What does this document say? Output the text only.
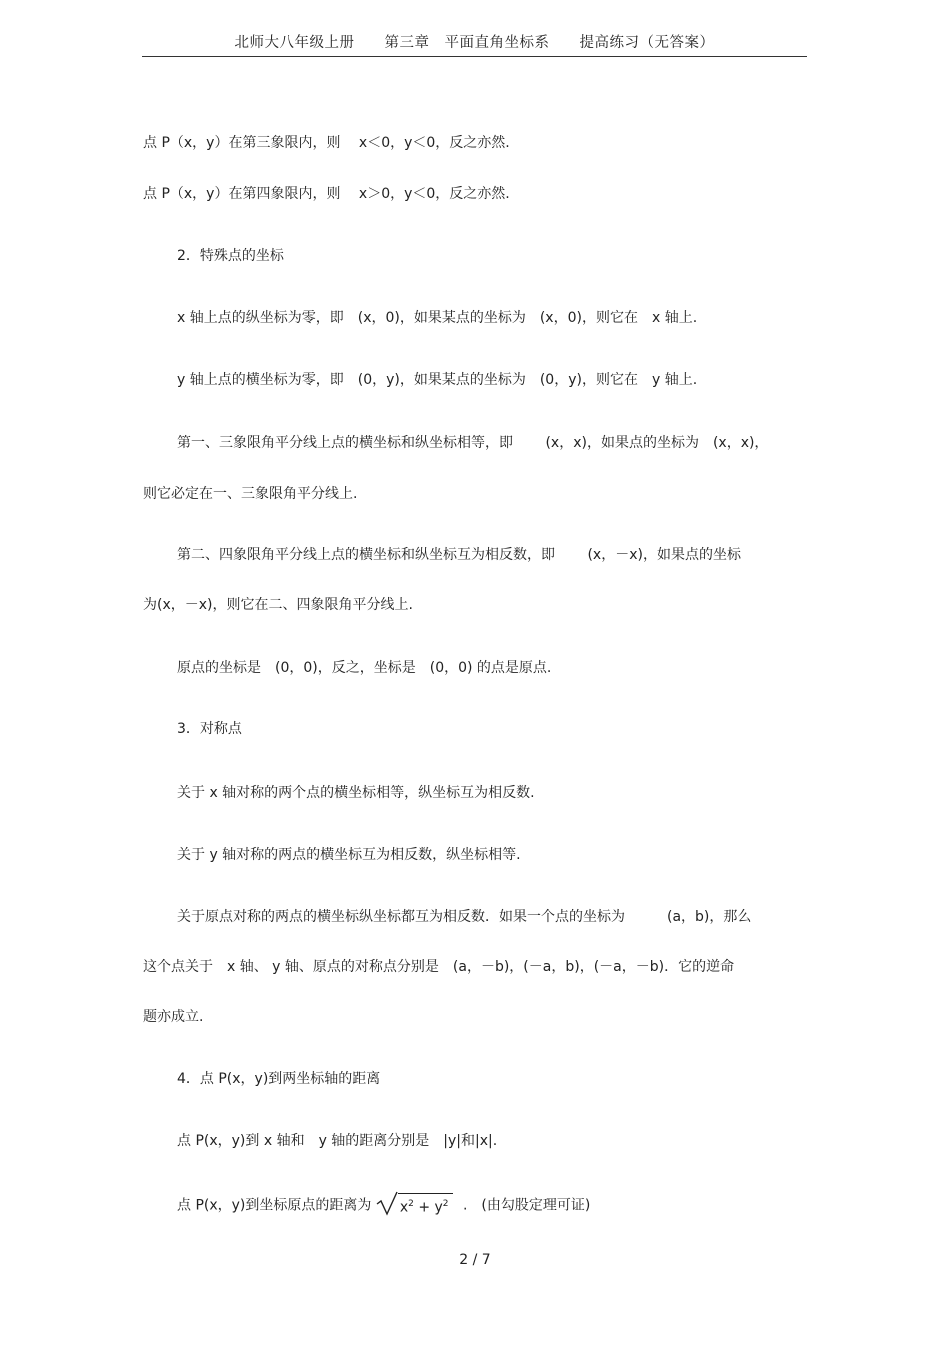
北师大八年级上册　　第三章　平面直角坐标系　　提高练习（无答案）
点 P（x，y）在第三象限内，则　 x＜0，y＜0，反之亦然.
点 P（x，y）在第四象限内，则　 x＞0，y＜0，反之亦然.
2．特殊点的坐标
x 轴上点的纵坐标为零，即　(x，0)，如果某点的坐标为　(x，0)，则它在　x 轴上.
y 轴上点的横坐标为零，即　(0，y)，如果某点的坐标为　(0，y)，则它在　y 轴上.
第一、三象限角平分线上点的横坐标和纵坐标相等，即　　 (x，x)，如果点的坐标为　(x，x)，
则它必定在一、三象限角平分线上.
第二、四象限角平分线上点的横坐标和纵坐标互为相反数，即　　 (x，－x)，如果点的坐标
为(x，－x)，则它在二、四象限角平分线上.
原点的坐标是　(0，0)，反之，坐标是　(0，0) 的点是原点.
3．对称点
关于 x 轴对称的两个点的横坐标相等，纵坐标互为相反数.
关于 y 轴对称的两点的横坐标互为相反数，纵坐标相等.
关于原点对称的两点的横坐标纵坐标都互为相反数．如果一个点的坐标为　　　(a，b)，那么
这个点关于　x 轴、 y 轴、原点的对称点分别是　(a，－b)，(－a，b)，(－a，－b)．它的逆命
题亦成立.
4．点 P(x，y)到两坐标轴的距离
点 P(x，y)到 x 轴和　y 轴的距离分别是　|y|和|x|.
点 P(x，y)到坐标原点的距离为 $x^2 + y^2$ .　(由勾股定理可证)
2 / 7
